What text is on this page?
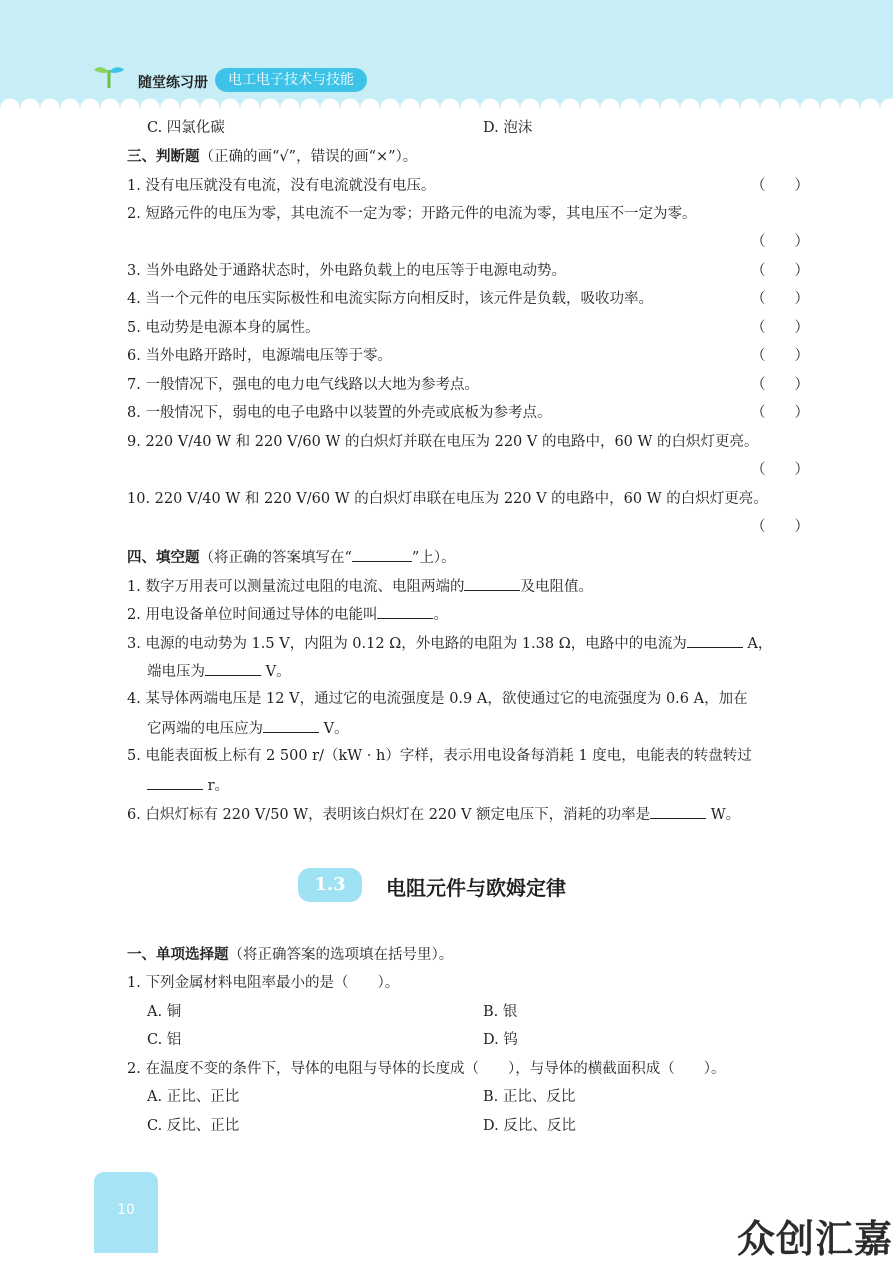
随堂练习册	电工电子技术与技能
C. 四氯化碳	D. 泡沫
三、判断题（正确的画“√”，错误的画“×”）。
1. 没有电压就没有电流，没有电流就没有电压。	（　　）
2. 短路元件的电压为零，其电流不一定为零；开路元件的电流为零，其电压不一定为零。
（　　）
3. 当外电路处于通路状态时，外电路负载上的电压等于电源电动势。	（　　）
4. 当一个元件的电压实际极性和电流实际方向相反时，该元件是负载，吸收功率。	（　　）
5. 电动势是电源本身的属性。	（　　）
6. 当外电路开路时，电源端电压等于零。	（　　）
7. 一般情况下，强电的电力电气线路以大地为参考点。	（　　）
8. 一般情况下，弱电的电子电路中以装置的外壳或底板为参考点。	（　　）
9. 220 V/40 W 和 220 V/60 W 的白炽灯并联在电压为 220 V 的电路中，60 W 的白炽灯更亮。
（　　）
10. 220 V/40 W 和 220 V/60 W 的白炽灯串联在电压为 220 V 的电路中，60 W 的白炽灯更亮。
（　　）
四、填空题（将正确的答案填写在“	”上）。
1. 数字万用表可以测量流过电阻的电流、电阻两端的	及电阻值。
2. 用电设备单位时间通过导体的电能叫	。
3. 电源的电动势为 1.5 V，内阻为 0.12 Ω，外电路的电阻为 1.38 Ω，电路中的电流为	A，
端电压为	V。
4. 某导体两端电压是 12 V，通过它的电流强度是 0.9 A，欲使通过它的电流强度为 0.6 A，加在
它两端的电压应为	V。
5. 电能表面板上标有 2 500 r/（kW · h）字样，表示用电设备每消耗 1 度电，电能表的转盘转过
r。
6. 白炽灯标有 220 V/50 W，表明该白炽灯在 220 V 额定电压下，消耗的功率是	W。
1.3	电阻元件与欧姆定律
一、单项选择题（将正确答案的选项填在括号里）。
1. 下列金属材料电阻率最小的是（　　）。
A. 铜	B. 银
C. 铝	D. 钨
2. 在温度不变的条件下，导体的电阻与导体的长度成（　　），与导体的横截面积成（　　）。
A. 正比、正比	B. 正比、反比
C. 反比、正比	D. 反比、反比
10
众创汇嘉
